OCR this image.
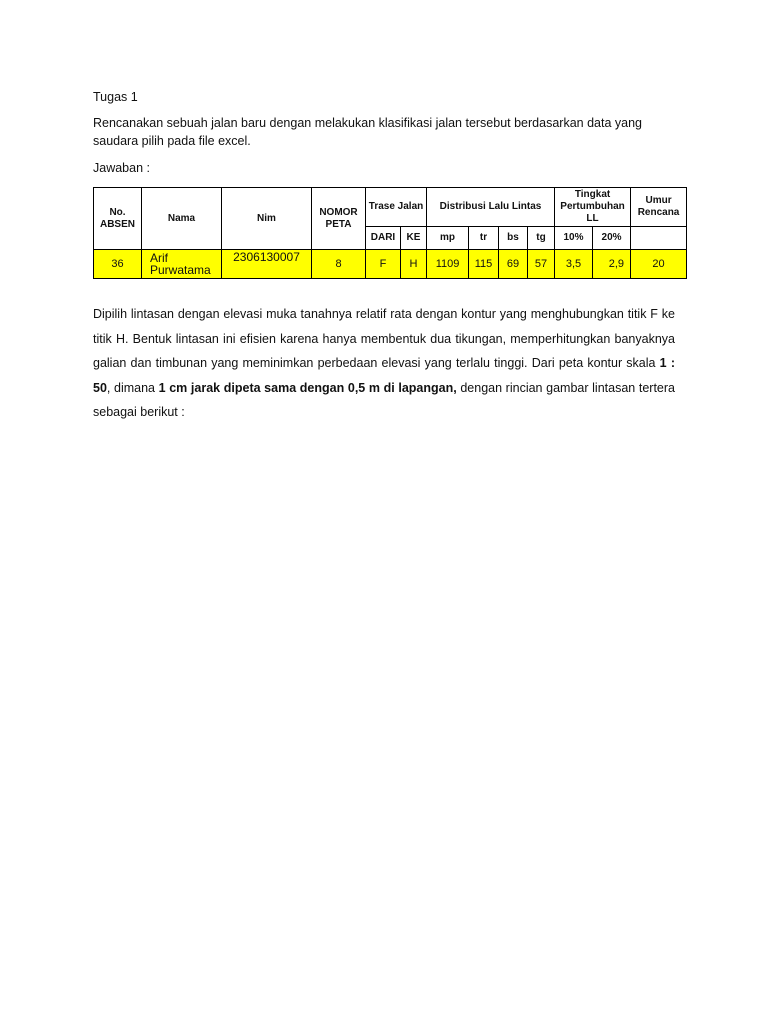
Tugas 1

Rencanakan sebuah jalan baru dengan melakukan klasifikasi jalan tersebut berdasarkan data yang saudara pilih pada file excel.

Jawaban :

No. ABSEN	Nama	Nim	NOMOR PETA	Trase Jalan		Distribusi Lalu Lintas				Tingkat Pertumbuhan LL		Umur Rencana
				DARI	KE	mp	tr	bs	tg	10%	20%	
36	Arif Purwatama	2306130007	8	F	H	1109	115	69	57	3,5	2,9	20
Dipilih lintasan dengan elevasi muka tanahnya relatif rata dengan kontur yang menghubungkan titik F ke titik H. Bentuk lintasan ini efisien karena hanya membentuk dua tikungan, memperhitungkan banyaknya galian dan timbunan yang meminimkan perbedaan elevasi yang terlalu tinggi. Dari peta kontur skala 1 : 50, dimana 1 cm jarak dipeta sama dengan 0,5 m di lapangan, dengan rincian gambar lintasan tertera sebagai berikut :
